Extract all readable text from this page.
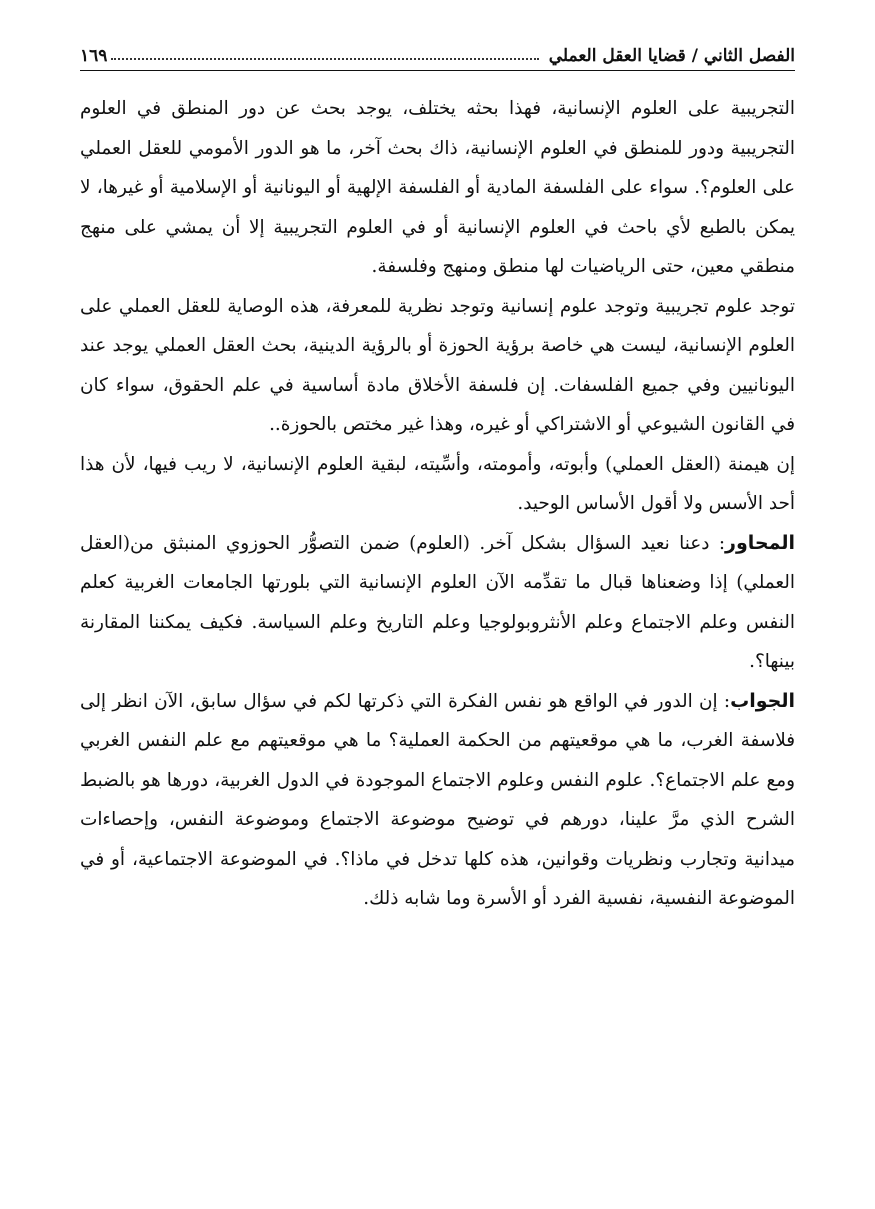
الفصل الثاني / قضايا العقل العملي
١٦٩

التجريبية على العلوم الإنسانية، فهذا بحثه يختلف، يوجد بحث عن دور المنطق في العلوم التجريبية ودور للمنطق في العلوم الإنسانية، ذاك بحث آخر، ما هو الدور الأمومي للعقل العملي على العلوم؟. سواء على الفلسفة المادية أو الفلسفة الإلهية أو اليونانية أو الإسلامية أو غيرها، لا يمكن بالطبع لأي باحث في العلوم الإنسانية أو في العلوم التجريبية إلا أن يمشي على منهج منطقي معين، حتى الرياضيات لها منطق ومنهج وفلسفة.

توجد علوم تجريبية وتوجد علوم إنسانية وتوجد نظرية للمعرفة، هذه الوصاية للعقل العملي على العلوم الإنسانية، ليست هي خاصة برؤية الحوزة أو بالرؤية الدينية، بحث العقل العملي يوجد عند اليونانيين وفي جميع الفلسفات. إن فلسفة الأخلاق مادة أساسية في علم الحقوق، سواء كان في القانون الشيوعي أو الاشتراكي أو غيره، وهذا غير مختص بالحوزة..

إن هيمنة (العقل العملي) وأبوته، وأمومته، وأسِّيته، لبقية العلوم الإنسانية، لا ريب فيها، لأن هذا أحد الأسس ولا أقول الأساس الوحيد.

المحاور: دعنا نعيد السؤال بشكل آخر. (العلوم) ضمن التصوُّر الحوزوي المنبثق من(العقل العملي) إذا وضعناها قبال ما تقدِّمه الآن العلوم الإنسانية التي بلورتها الجامعات الغربية كعلم النفس وعلم الاجتماع وعلم الأنثروبولوجيا وعلم التاريخ وعلم السياسة. فكيف يمكننا المقارنة بينها؟.

الجواب: إن الدور في الواقع هو نفس الفكرة التي ذكرتها لكم في سؤال سابق، الآن انظر إلى فلاسفة الغرب، ما هي موقعيتهم من الحكمة العملية؟ ما هي موقعيتهم مع علم النفس الغربي ومع علم الاجتماع؟. علوم النفس وعلوم الاجتماع الموجودة في الدول الغربية، دورها هو بالضبط الشرح الذي مرَّ علينا، دورهم في توضيح موضوعة الاجتماع وموضوعة النفس، وإحصاءات ميدانية وتجارب ونظريات وقوانين، هذه كلها تدخل في ماذا؟. في الموضوعة الاجتماعية، أو في الموضوعة النفسية، نفسية الفرد أو الأسرة وما شابه ذلك.
